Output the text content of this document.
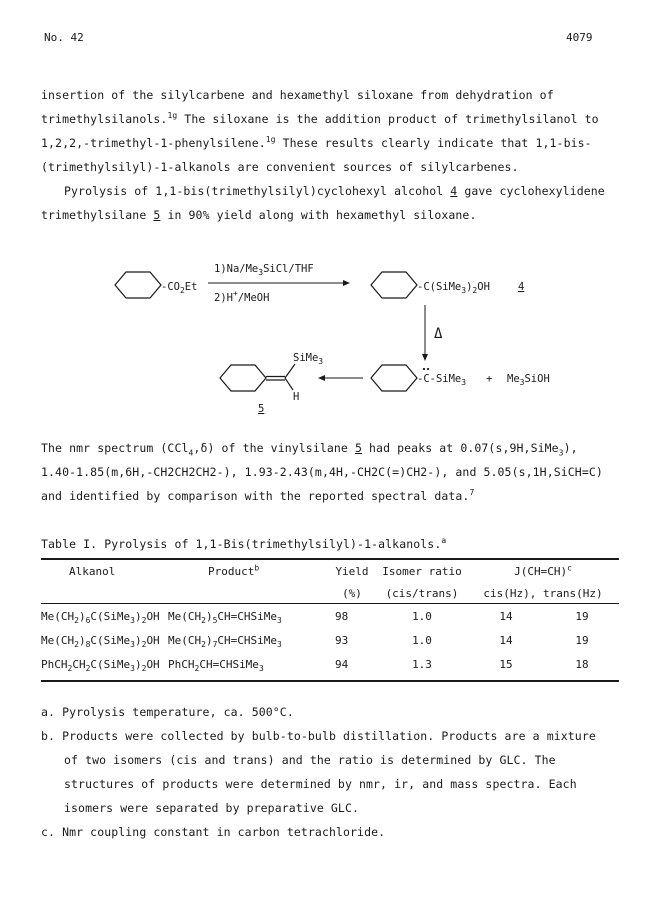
No. 42	4079
insertion of the silylcarbene and hexamethyl siloxane from dehydration of
trimethylsilanols.$^{1g}$ The siloxane is the addition product of trimethylsilanol to
1,2,2,-trimethyl-1-phenylsilene.$^{1g}$ These results clearly indicate that 1,1-bis-
(trimethylsilyl)-1-alkanols are convenient sources of silylcarbenes.
Pyrolysis of 1,1-bis(trimethylsilyl)cyclohexyl alcohol 4 gave cyclohexylidene
trimethylsilane 5 in 90% yield along with hexamethyl siloxane.
$-CO_2Et$
$1)Na/Me_3SiCl$/THF
2)H+/MeOH
$-C(SiMe_3)_2OH$	4
Δ
-C-SiMe$_3$ + $Me_3SiOH$
SiMe$_3$
H
5
The nmr spectrum (CCl$_4$,δ) of the vinylsilane 5 had peaks at 0.07(s,9H,SiMe$_3$),
1.40-1.85(m,6H,-CH2CH2CH2-), 1.93-2.43(m,4H,-CH2C(=)CH2-), and 5.05(s,1H,SiCH=C)
and identified by comparison with the reported spectral data.$^7$
Table I. Pyrolysis of 1,1-Bis(trimethylsilyl)-1-alkanols.$^a$
Alkanol	Product$^b$	Yield	Isomer ratio	J(CH=CH)$^c$
		(%)	(cis/trans)	cis(Hz), trans(Hz)	
$Me(CH_2)_6C(SiMe_3)_2OH$	$Me(CH_2)_5CH=CHSiMe_3$	98	1.0	14	19
$Me(CH_2)_8C(SiMe_3)_2OH$	$Me(CH_2)_7CH=CHSiMe_3$	93	1.0	14	19
$PhCH_2CH_2C(SiMe_3)_2OH$	PhCH$_2$CH=CHSiMe$_3$	94	1.3	15	18
a. Pyrolysis temperature, ca. 500°C.
b. Products were collected by bulb-to-bulb distillation. Products are a mixture
of two isomers (cis and trans) and the ratio is determined by GLC. The
structures of products were determined by nmr, ir, and mass spectra. Each
isomers were separated by preparative GLC.
c. Nmr coupling constant in carbon tetrachloride.
